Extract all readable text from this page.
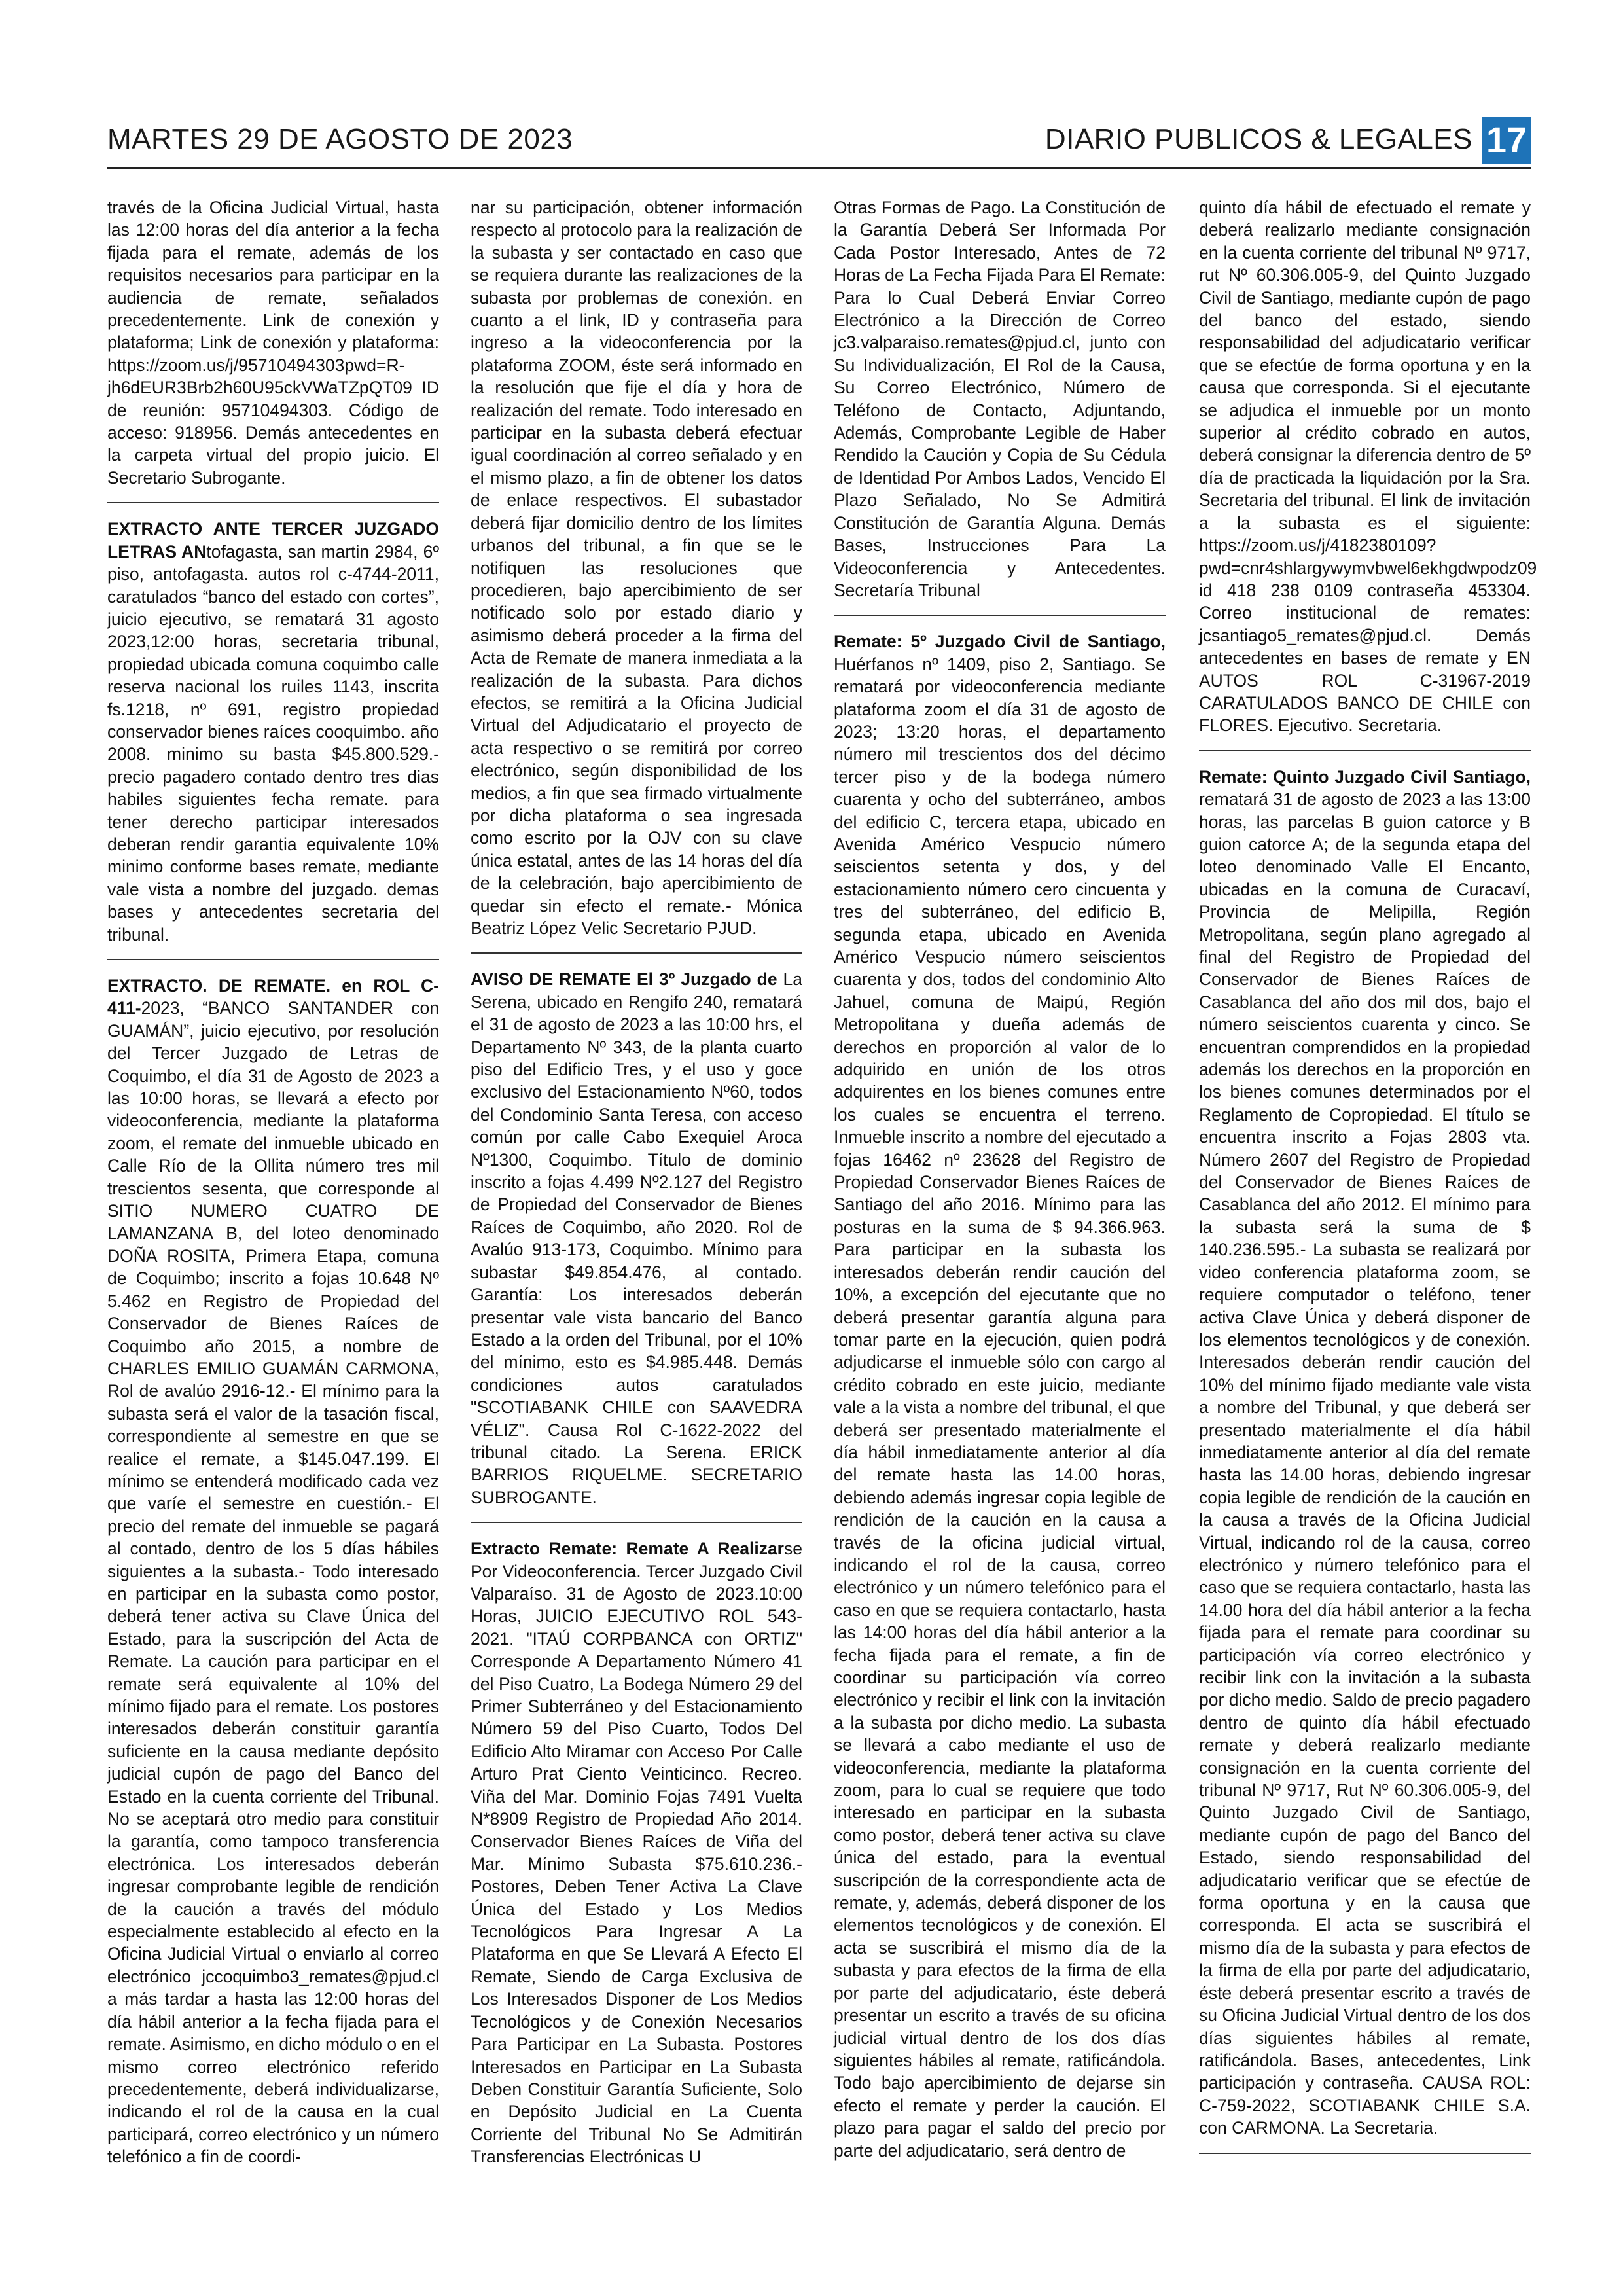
MARTES 29 DE AGOSTO DE 2023	DIARIO PUBLICOS & LEGALES 17

través de la Oficina Judicial Virtual, hasta las 12:00 horas del día anterior a la fecha fijada para el remate, además de los requisitos necesarios para participar en la audiencia de remate, señalados precedentemente. Link de conexión y plataforma; Link de conexión y plataforma: https://zoom.us/j/95710494303pwd=R-jh6dEUR3Brb2h60U95ckVWaTZpQT09 ID de reunión: 95710494303. Código de acceso: 918956. Demás antecedentes en la carpeta virtual del propio juicio. El Secretario Subrogante.

EXTRACTO ANTE TERCER JUZGADO LETRAS ANtofagasta, san martin 2984, 6º piso, antofagasta. autos rol c-4744-2011, caratulados “banco del estado con cortes”, juicio ejecutivo, se rematará 31 agosto 2023,12:00 horas, secretaria tribunal, propiedad ubicada comuna coquimbo calle reserva nacional los ruiles 1143, inscrita fs.1218, nº 691, registro propiedad conservador bienes raíces cooquimbo. año 2008. minimo su basta $45.800.529.-precio pagadero contado dentro tres dias habiles siguientes fecha remate. para tener derecho participar interesados deberan rendir garantia equivalente 10% minimo conforme bases remate, mediante vale vista a nombre del juzgado. demas bases y antecedentes secretaria del tribunal.

EXTRACTO. DE REMATE. en ROL C-411-2023, “BANCO SANTANDER con GUAMÁN”, juicio ejecutivo, por resolución del Tercer Juzgado de Letras de Coquimbo, el día 31 de Agosto de 2023 a las 10:00 horas, se llevará a efecto por videoconferencia, mediante la plataforma zoom, el remate del inmueble ubicado en Calle Río de la Ollita número tres mil trescientos sesenta, que corresponde al SITIO NUMERO CUATRO DE LAMANZANA B, del loteo denominado DOÑA ROSITA, Primera Etapa, comuna de Coquimbo; inscrito a fojas 10.648 Nº 5.462 en Registro de Propiedad del Conservador de Bienes Raíces de Coquimbo año 2015, a nombre de CHARLES EMILIO GUAMÁN CARMONA, Rol de avalúo 2916-12.- El mínimo para la subasta será el valor de la tasación fiscal, correspondiente al semestre en que se realice el remate, a $145.047.199. El mínimo se entenderá modificado cada vez que varíe el semestre en cuestión.- El precio del remate del inmueble se pagará al contado, dentro de los 5 días hábiles siguientes a la subasta.- Todo interesado en participar en la subasta como postor, deberá tener activa su Clave Única del Estado, para la suscripción del Acta de Remate. La caución para participar en el remate será equivalente al 10% del mínimo fijado para el remate. Los postores interesados deberán constituir garantía suficiente en la causa mediante depósito judicial cupón de pago del Banco del Estado en la cuenta corriente del Tribunal. No se aceptará otro medio para constituir la garantía, como tampoco transferencia electrónica. Los interesados deberán ingresar comprobante legible de rendición de la caución a través del módulo especialmente establecido al efecto en la Oficina Judicial Virtual o enviarlo al correo electrónico jccoquimbo3_remates@pjud.cl a más tardar a hasta las 12:00 horas del día hábil anterior a la fecha fijada para el remate. Asimismo, en dicho módulo o en el mismo correo electrónico referido precedentemente, deberá individualizarse, indicando el rol de la causa en la cual participará, correo electrónico y un número telefónico a fin de coordi-

nar su participación, obtener información respecto al protocolo para la realización de la subasta y ser contactado en caso que se requiera durante las realizaciones de la subasta por problemas de conexión. en cuanto a el link, ID y contraseña para ingreso a la videoconferencia por la plataforma ZOOM, éste será informado en la resolución que fije el día y hora de realización del remate. Todo interesado en participar en la subasta deberá efectuar igual coordinación al correo señalado y en el mismo plazo, a fin de obtener los datos de enlace respectivos. El subastador deberá fijar domicilio dentro de los límites urbanos del tribunal, a fin que se le notifiquen las resoluciones que procedieren, bajo apercibimiento de ser notificado solo por estado diario y asimismo deberá proceder a la firma del Acta de Remate de manera inmediata a la realización de la subasta. Para dichos efectos, se remitirá a la Oficina Judicial Virtual del Adjudicatario el proyecto de acta respectivo o se remitirá por correo electrónico, según disponibilidad de los medios, a fin que sea firmado virtualmente por dicha plataforma o sea ingresada como escrito por la OJV con su clave única estatal, antes de las 14 horas del día de la celebración, bajo apercibimiento de quedar sin efecto el remate.- Mónica Beatriz López Velic Secretario PJUD.

AVISO DE REMATE El 3º Juzgado de La Serena, ubicado en Rengifo 240, rematará el 31 de agosto de 2023 a las 10:00 hrs, el Departamento Nº 343, de la planta cuarto piso del Edificio Tres, y el uso y goce exclusivo del Estacionamiento Nº60, todos del Condominio Santa Teresa, con acceso común por calle Cabo Exequiel Aroca Nº1300, Coquimbo. Título de dominio inscrito a fojas 4.499 Nº2.127 del Registro de Propiedad del Conservador de Bienes Raíces de Coquimbo, año 2020. Rol de Avalúo 913-173, Coquimbo. Mínimo para subastar $49.854.476, al contado. Garantía: Los interesados deberán presentar vale vista bancario del Banco Estado a la orden del Tribunal, por el 10% del mínimo, esto es $4.985.448. Demás condiciones autos caratulados "SCOTIABANK CHILE con SAAVEDRA VÉLIZ". Causa Rol C-1622-2022 del tribunal citado. La Serena. ERICK BARRIOS RIQUELME. SECRETARIO SUBROGANTE.

Extracto Remate: Remate A Realizarse Por Videoconferencia. Tercer Juzgado Civil Valparaíso. 31 de Agosto de 2023.10:00 Horas, JUICIO EJECUTIVO ROL 543-2021. "ITAÚ CORPBANCA con ORTIZ" Corresponde A Departamento Número 41 del Piso Cuatro, La Bodega Número 29 del Primer Subterráneo y del Estacionamiento Número 59 del Piso Cuarto, Todos Del Edificio Alto Miramar con Acceso Por Calle Arturo Prat Ciento Veinticinco. Recreo. Viña del Mar. Dominio Fojas 7491 Vuelta N*8909 Registro de Propiedad Año 2014. Conservador Bienes Raíces de Viña del Mar. Mínimo Subasta $75.610.236.- Postores, Deben Tener Activa La Clave Única del Estado y Los Medios Tecnológicos Para Ingresar A La Plataforma en que Se Llevará A Efecto El Remate, Siendo de Carga Exclusiva de Los Interesados Disponer de Los Medios Tecnológicos y de Conexión Necesarios Para Participar en La Subasta. Postores Interesados en Participar en La Subasta Deben Constituir Garantía Suficiente, Solo en Depósito Judicial en La Cuenta Corriente del Tribunal No Se Admitirán Transferencias Electrónicas U

Otras Formas de Pago. La Constitución de la Garantía Deberá Ser Informada Por Cada Postor Interesado, Antes de 72 Horas de La Fecha Fijada Para El Remate: Para lo Cual Deberá Enviar Correo Electrónico a la Dirección de Correo jc3.valparaiso.remates@pjud.cl, junto con Su Individualización, El Rol de la Causa, Su Correo Electrónico, Número de Teléfono de Contacto, Adjuntando, Además, Comprobante Legible de Haber Rendido la Caución y Copia de Su Cédula de Identidad Por Ambos Lados, Vencido El Plazo Señalado, No Se Admitirá Constitución de Garantía Alguna. Demás Bases, Instrucciones Para La Videoconferencia y Antecedentes. Secretaría Tribunal

Remate: 5º Juzgado Civil de Santiago, Huérfanos nº 1409, piso 2, Santiago. Se rematará por videoconferencia mediante plataforma zoom el día 31 de agosto de 2023; 13:20 horas, el departamento número mil trescientos dos del décimo tercer piso y de la bodega número cuarenta y ocho del subterráneo, ambos del edificio C, tercera etapa, ubicado en Avenida Américo Vespucio número seiscientos setenta y dos, y del estacionamiento número cero cincuenta y tres del subterráneo, del edificio B, segunda etapa, ubicado en Avenida Américo Vespucio número seiscientos cuarenta y dos, todos del condominio Alto Jahuel, comuna de Maipú, Región Metropolitana y dueña además de derechos en proporción al valor de lo adquirido en unión de los otros adquirentes en los bienes comunes entre los cuales se encuentra el terreno. Inmueble inscrito a nombre del ejecutado a fojas 16462 nº 23628 del Registro de Propiedad Conservador Bienes Raíces de Santiago del año 2016. Mínimo para las posturas en la suma de $ 94.366.963. Para participar en la subasta los interesados deberán rendir caución del 10%, a excepción del ejecutante que no deberá presentar garantía alguna para tomar parte en la ejecución, quien podrá adjudicarse el inmueble sólo con cargo al crédito cobrado en este juicio, mediante vale a la vista a nombre del tribunal, el que deberá ser presentado materialmente el día hábil inmediatamente anterior al día del remate hasta las 14.00 horas, debiendo además ingresar copia legible de rendición de la caución en la causa a través de la oficina judicial virtual, indicando el rol de la causa, correo electrónico y un número telefónico para el caso en que se requiera contactarlo, hasta las 14:00 horas del día hábil anterior a la fecha fijada para el remate, a fin de coordinar su participación vía correo electrónico y recibir el link con la invitación a la subasta por dicho medio. La subasta se llevará a cabo mediante el uso de videoconferencia, mediante la plataforma zoom, para lo cual se requiere que todo interesado en participar en la subasta como postor, deberá tener activa su clave única del estado, para la eventual suscripción de la correspondiente acta de remate, y, además, deberá disponer de los elementos tecnológicos y de conexión. El acta se suscribirá el mismo día de la subasta y para efectos de la firma de ella por parte del adjudicatario, éste deberá presentar un escrito a través de su oficina judicial virtual dentro de los dos días siguientes hábiles al remate, ratificándola. Todo bajo apercibimiento de dejarse sin efecto el remate y perder la caución. El plazo para pagar el saldo del precio por parte del adjudicatario, será dentro de

quinto día hábil de efectuado el remate y deberá realizarlo mediante consignación en la cuenta corriente del tribunal Nº 9717, rut Nº 60.306.005-9, del Quinto Juzgado Civil de Santiago, mediante cupón de pago del banco del estado, siendo responsabilidad del adjudicatario verificar que se efectúe de forma oportuna y en la causa que corresponda. Si el ejecutante se adjudica el inmueble por un monto superior al crédito cobrado en autos, deberá consignar la diferencia dentro de 5º día de practicada la liquidación por la Sra. Secretaria del tribunal. El link de invitación a la subasta es el siguiente: https://zoom.us/j/4182380109?pwd=cnr4shlargywymvbwel6ekhgdwpodz09 id 418 238 0109 contraseña 453304. Correo institucional de remates: jcsantiago5_remates@pjud.cl. Demás antecedentes en bases de remate y EN AUTOS ROL C-31967-2019 CARATULADOS BANCO DE CHILE con FLORES. Ejecutivo. Secretaria.

Remate: Quinto Juzgado Civil Santiago, rematará 31 de agosto de 2023 a las 13:00 horas, las parcelas B guion catorce y B guion catorce A; de la segunda etapa del loteo denominado Valle El Encanto, ubicadas en la comuna de Curacaví, Provincia de Melipilla, Región Metropolitana, según plano agregado al final del Registro de Propiedad del Conservador de Bienes Raíces de Casablanca del año dos mil dos, bajo el número seiscientos cuarenta y cinco. Se encuentran comprendidos en la propiedad además los derechos en la proporción en los bienes comunes determinados por el Reglamento de Copropiedad. El título se encuentra inscrito a Fojas 2803 vta. Número 2607 del Registro de Propiedad del Conservador de Bienes Raíces de Casablanca del año 2012. El mínimo para la subasta será la suma de $ 140.236.595.- La subasta se realizará por video conferencia plataforma zoom, se requiere computador o teléfono, tener activa Clave Única y deberá disponer de los elementos tecnológicos y de conexión. Interesados deberán rendir caución del 10% del mínimo fijado mediante vale vista a nombre del Tribunal, y que deberá ser presentado materialmente el día hábil inmediatamente anterior al día del remate hasta las 14.00 horas, debiendo ingresar copia legible de rendición de la caución en la causa a través de la Oficina Judicial Virtual, indicando rol de la causa, correo electrónico y número telefónico para el caso que se requiera contactarlo, hasta las 14.00 hora del día hábil anterior a la fecha fijada para el remate para coordinar su participación vía correo electrónico y recibir link con la invitación a la subasta por dicho medio. Saldo de precio pagadero dentro de quinto día hábil efectuado remate y deberá realizarlo mediante consignación en la cuenta corriente del tribunal Nº 9717, Rut Nº 60.306.005-9, del Quinto Juzgado Civil de Santiago, mediante cupón de pago del Banco del Estado, siendo responsabilidad del adjudicatario verificar que se efectúe de forma oportuna y en la causa que corresponda. El acta se suscribirá el mismo día de la subasta y para efectos de la firma de ella por parte del adjudicatario, éste deberá presentar escrito a través de su Oficina Judicial Virtual dentro de los dos días siguientes hábiles al remate, ratificándola. Bases, antecedentes, Link participación y contraseña. CAUSA ROL: C-759-2022, SCOTIABANK CHILE S.A. con CARMONA. La Secretaria.
